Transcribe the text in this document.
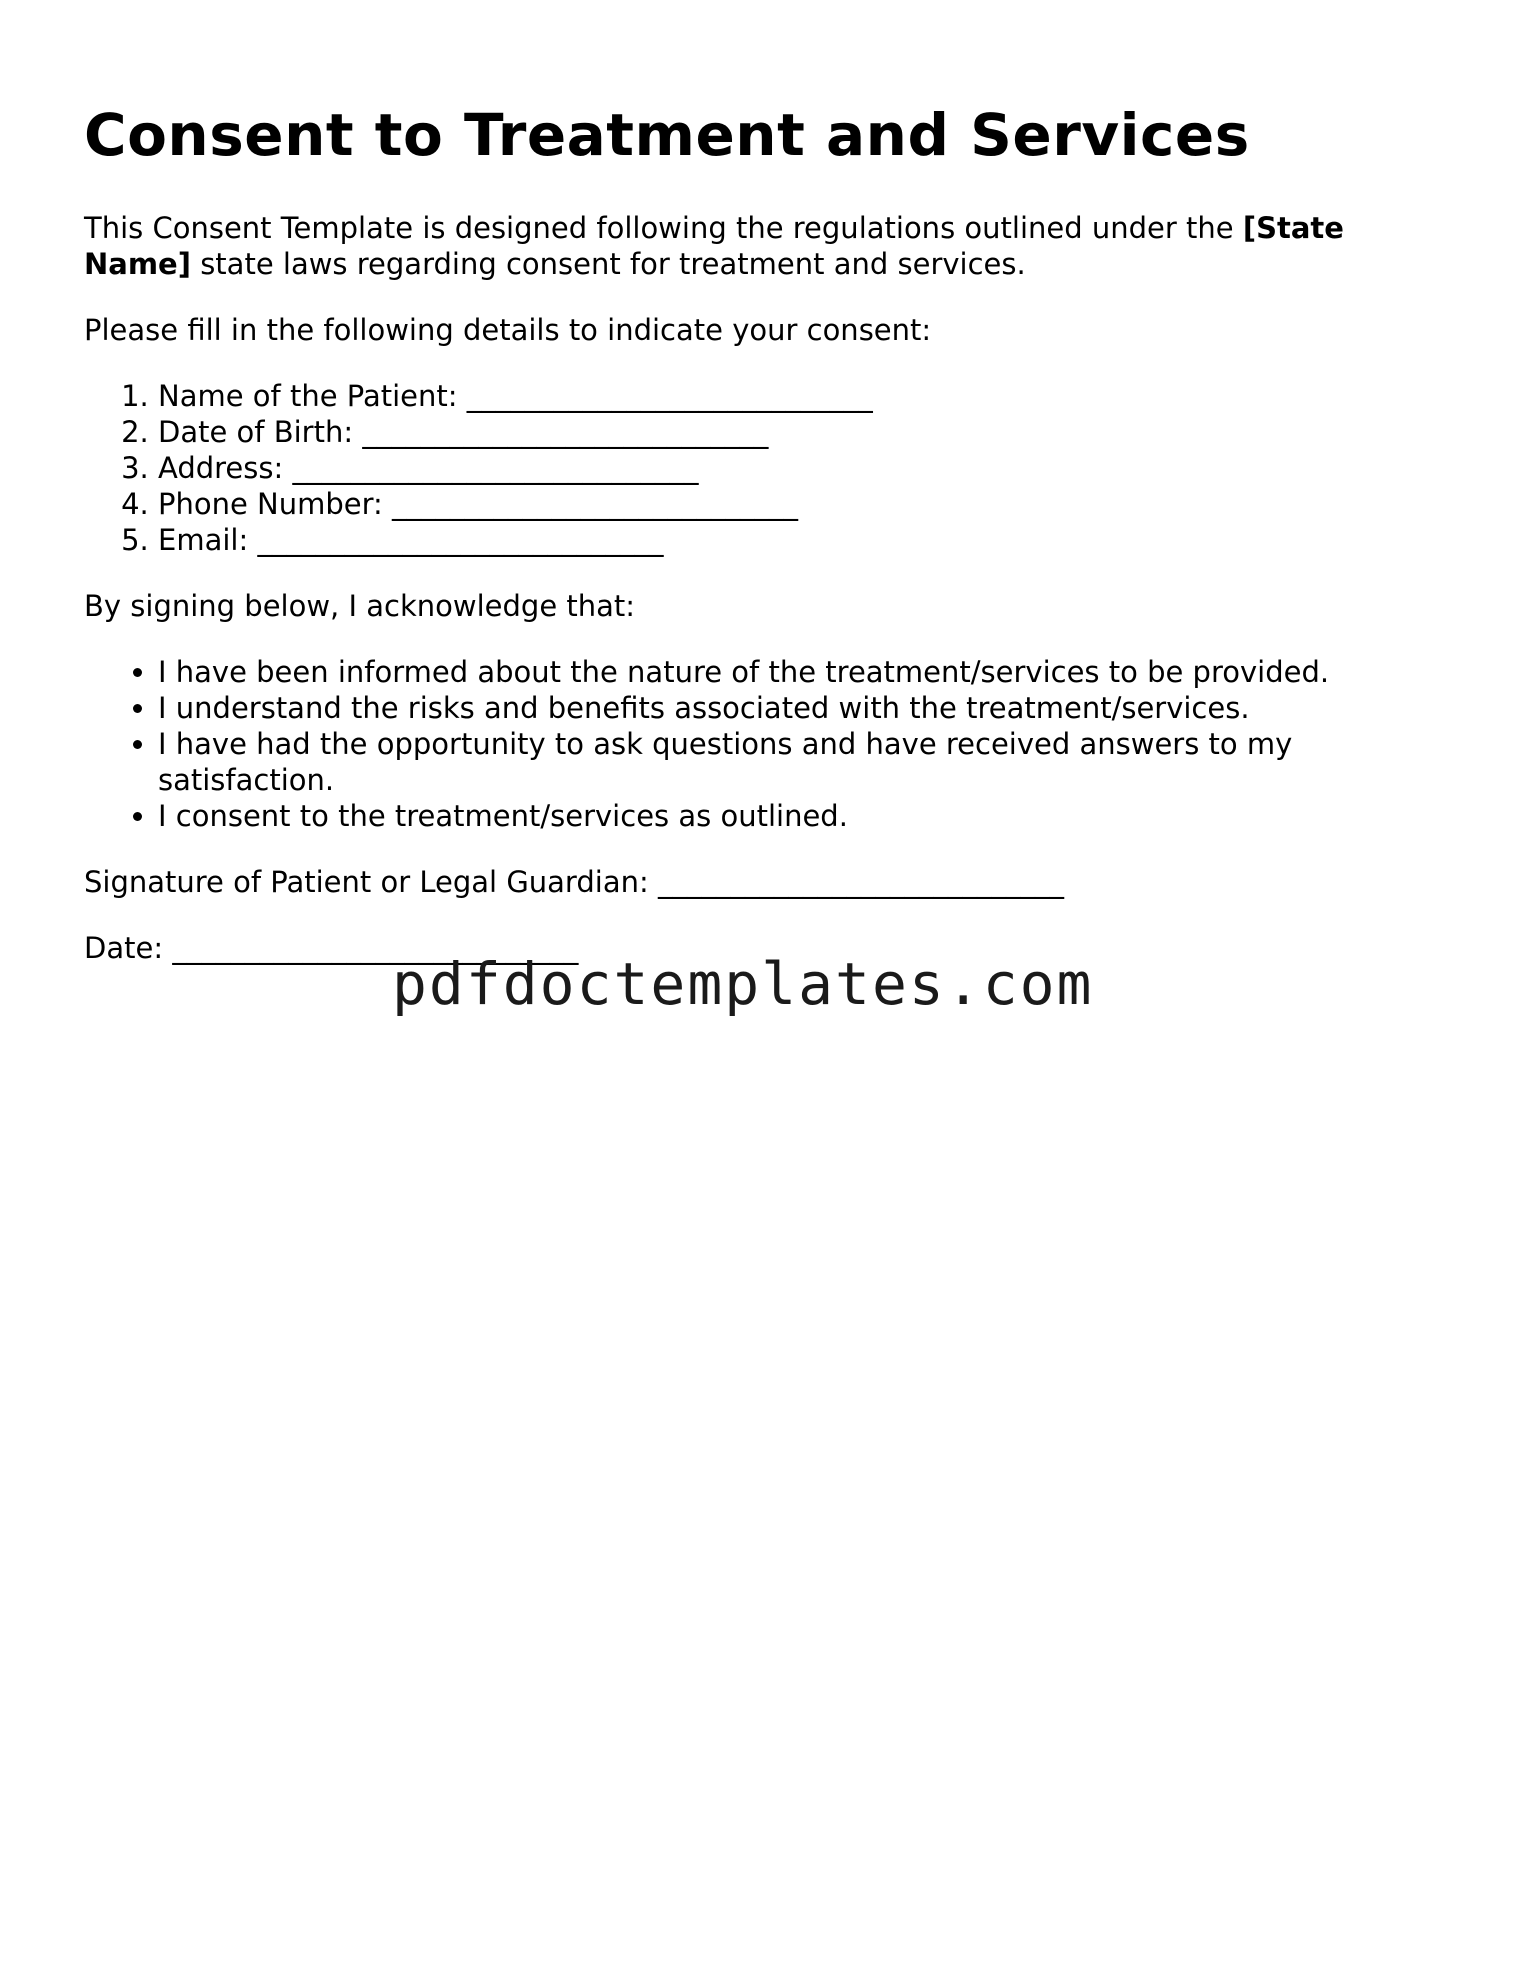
Consent to Treatment and Services

This Consent Template is designed following the regulations outlined under the [State Name] state laws regarding consent for treatment and services.

Please fill in the following details to indicate your consent:

1. Name of the Patient: ____________________________
2. Date of Birth: ____________________________
3. Address: ____________________________
4. Phone Number: ____________________________
5. Email: ____________________________

By signing below, I acknowledge that:

• I have been informed about the nature of the treatment/services to be provided.
• I understand the risks and benefits associated with the treatment/services.
• I have had the opportunity to ask questions and have received answers to my satisfaction.
• I consent to the treatment/services as outlined.

Signature of Patient or Legal Guardian: ____________________________

Date: ____________________________

pdfdoctemplates.com
